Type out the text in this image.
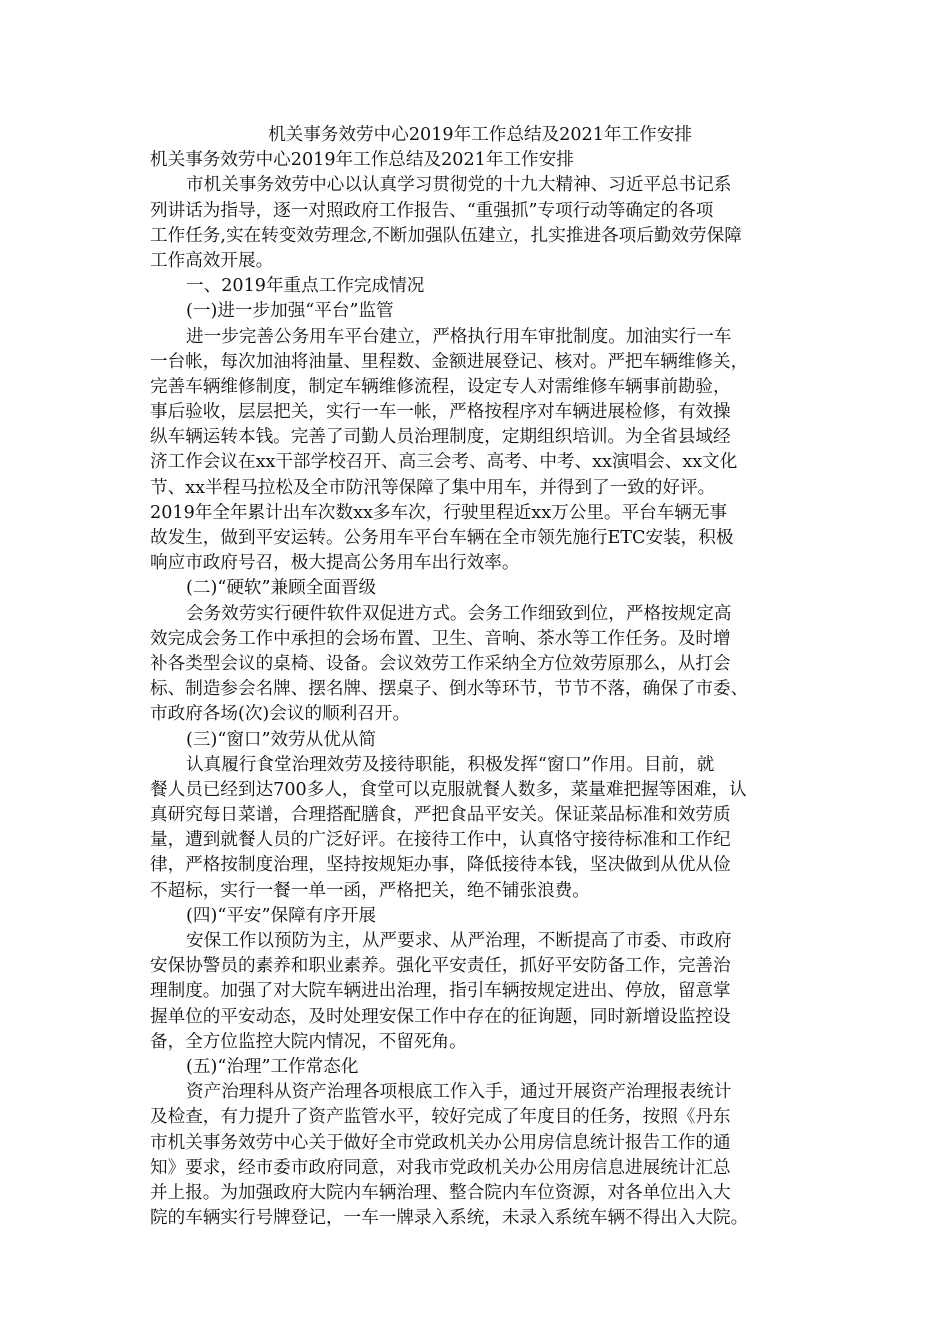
机关事务效劳中心2019年工作总结及2021年工作安排
机关事务效劳中心2019年工作总结及2021年工作安排
市机关事务效劳中心以认真学习贯彻党的十九大精神、习近平总书记系
列讲话为指导，逐一对照政府工作报告、“重强抓”专项行动等确定的各项
工作任务,实在转变效劳理念,不断加强队伍建立，扎实推进各项后勤效劳保障
工作高效开展。
一、2019年重点工作完成情况
(一)进一步加强“平台”监管
进一步完善公务用车平台建立，严格执行用车审批制度。加油实行一车
一台帐，每次加油将油量、里程数、金额进展登记、核对。严把车辆维修关，
完善车辆维修制度，制定车辆维修流程，设定专人对需维修车辆事前勘验，
事后验收，层层把关，实行一车一帐，严格按程序对车辆进展检修，有效操
纵车辆运转本钱。完善了司勤人员治理制度，定期组织培训。为全省县域经
济工作会议在xx干部学校召开、高三会考、高考、中考、xx演唱会、xx文化
节、xx半程马拉松及全市防汛等保障了集中用车，并得到了一致的好评。
2019年全年累计出车次数xx多车次，行驶里程近xx万公里。平台车辆无事
故发生，做到平安运转。公务用车平台车辆在全市领先施行ETC安装，积极
响应市政府号召，极大提高公务用车出行效率。
(二)“硬软”兼顾全面晋级
会务效劳实行硬件软件双促进方式。会务工作细致到位，严格按规定高
效完成会务工作中承担的会场布置、卫生、音响、茶水等工作任务。及时增
补各类型会议的桌椅、设备。会议效劳工作采纳全方位效劳原那么，从打会
标、制造参会名牌、摆名牌、摆桌子、倒水等环节，节节不落，确保了市委、
市政府各场(次)会议的顺利召开。
(三)“窗口”效劳从优从简
认真履行食堂治理效劳及接待职能，积极发挥“窗口”作用。目前，就
餐人员已经到达700多人，食堂可以克服就餐人数多，菜量难把握等困难，认
真研究每日菜谱，合理搭配膳食，严把食品平安关。保证菜品标准和效劳质
量，遭到就餐人员的广泛好评。在接待工作中，认真恪守接待标准和工作纪
律，严格按制度治理，坚持按规矩办事，降低接待本钱，坚决做到从优从俭
不超标，实行一餐一单一函，严格把关，绝不铺张浪费。
(四)“平安”保障有序开展
安保工作以预防为主，从严要求、从严治理，不断提高了市委、市政府
安保协警员的素养和职业素养。强化平安责任，抓好平安防备工作，完善治
理制度。加强了对大院车辆进出治理，指引车辆按规定进出、停放，留意掌
握单位的平安动态，及时处理安保工作中存在的征询题，同时新增设监控设
备，全方位监控大院内情况，不留死角。
(五)“治理”工作常态化
资产治理科从资产治理各项根底工作入手，通过开展资产治理报表统计
及检查，有力提升了资产监管水平，较好完成了年度目的任务，按照《丹东
市机关事务效劳中心关于做好全市党政机关办公用房信息统计报告工作的通
知》要求，经市委市政府同意，对我市党政机关办公用房信息进展统计汇总
并上报。为加强政府大院内车辆治理、整合院内车位资源，对各单位出入大
院的车辆实行号牌登记，一车一牌录入系统，未录入系统车辆不得出入大院。
